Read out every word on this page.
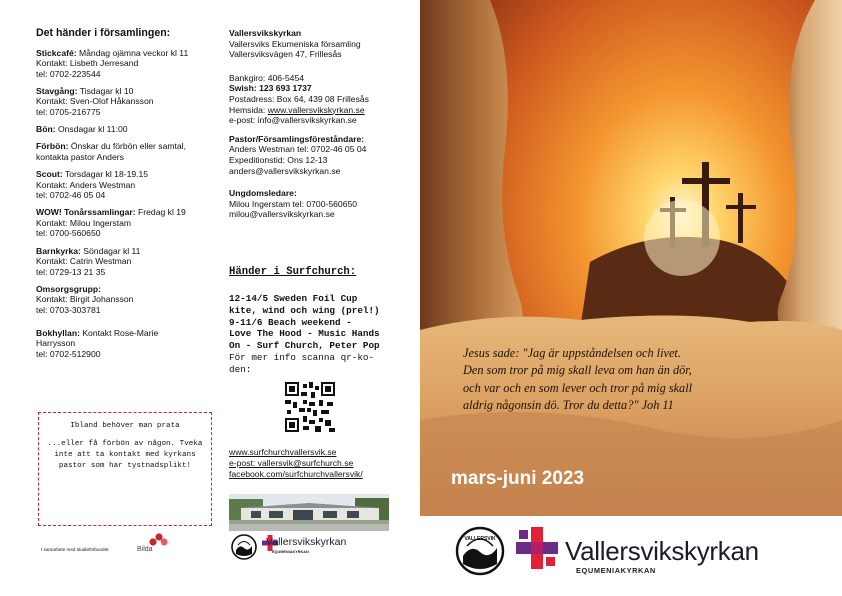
Det händer i församlingen:
Stickcafé: Måndag ojämna veckor kl 11
Kontakt: Lisbeth Jerresand
tel: 0702-223544
Stavgång: Tisdagar kl 10
Kontakt: Sven-Olof Håkansson
tel: 0705-216775
Bön: Onsdagar kl 11:00
Förbön: Önskar du förbön eller samtal,
kontakta pastor Anders
Scout: Torsdagar kl 18-19.15
Kontakt: Anders Westman
tel: 0702-46 05 04
WOW! Tonårssamlingar: Fredag kl 19
Kontakt: Milou Ingerstam
tel: 0700-560650
Barnkyrka: Söndagar kl 11
Kontakt: Catrin Westman
tel: 0729-13 21 35
Omsorgsgrupp:
Kontakt: Birgit Johansson
tel: 0703-303781
Bokhyllan: Kontakt Rose-Marie
Harrysson
tel: 0702-512900

Ibland behöver man prata

...eller få förbön av någon. Tveka inte att ta kontakt med kyrkans pastor som har tystnadsplikt!

I samarbete med studieförbundet	Bilda
Vallersvikskyrkan
Vallersviks Ekumeniska församling
Vallersviksvägen 47, Frillesås
Bankgiro: 406-5454
Swish: 123 693 1737
Postadress: Box 64, 439 08 Frillesås
Hemsida: www.vallersvikskyrkan.se
e-post: info@vallersvikskyrkan.se
Pastor/Församlingsföreståndare:
Anders Westman tel: 0702-46 05 04
Expeditionstid: Ons 12-13
anders@vallersvikskyrkan.se
Ungdomsledare:
Milou Ingerstam tel: 0700-560650
milou@vallersvikskyrkan.se
Händer i Surfchurch:
12-14/5 Sweden Foil Cup
kite, wind och wing (prel!)
9-11/6 Beach weekend -
Love The Hood - Music Hands
On - Surf Church, Peter Pop
För mer info scanna qr-ko-
den:
www.surfchurchvallersvik.se
e-post: vallersvik@surfchurch.se
facebook.com/surfchurchvallersvik/
Vallersvikskyrkan
EQUMENIAKYRKAN
Jesus sade: "Jag är uppståndelsen och livet.
Den som tror på mig skall leva om han än dör,
och var och en som lever och tror på mig skall
aldrig någonsin dö. Tror du detta?" Joh 11
mars-juni 2023
VALLERSVIK	Vallersvikskyrkan
EQUMENIAKYRKAN
